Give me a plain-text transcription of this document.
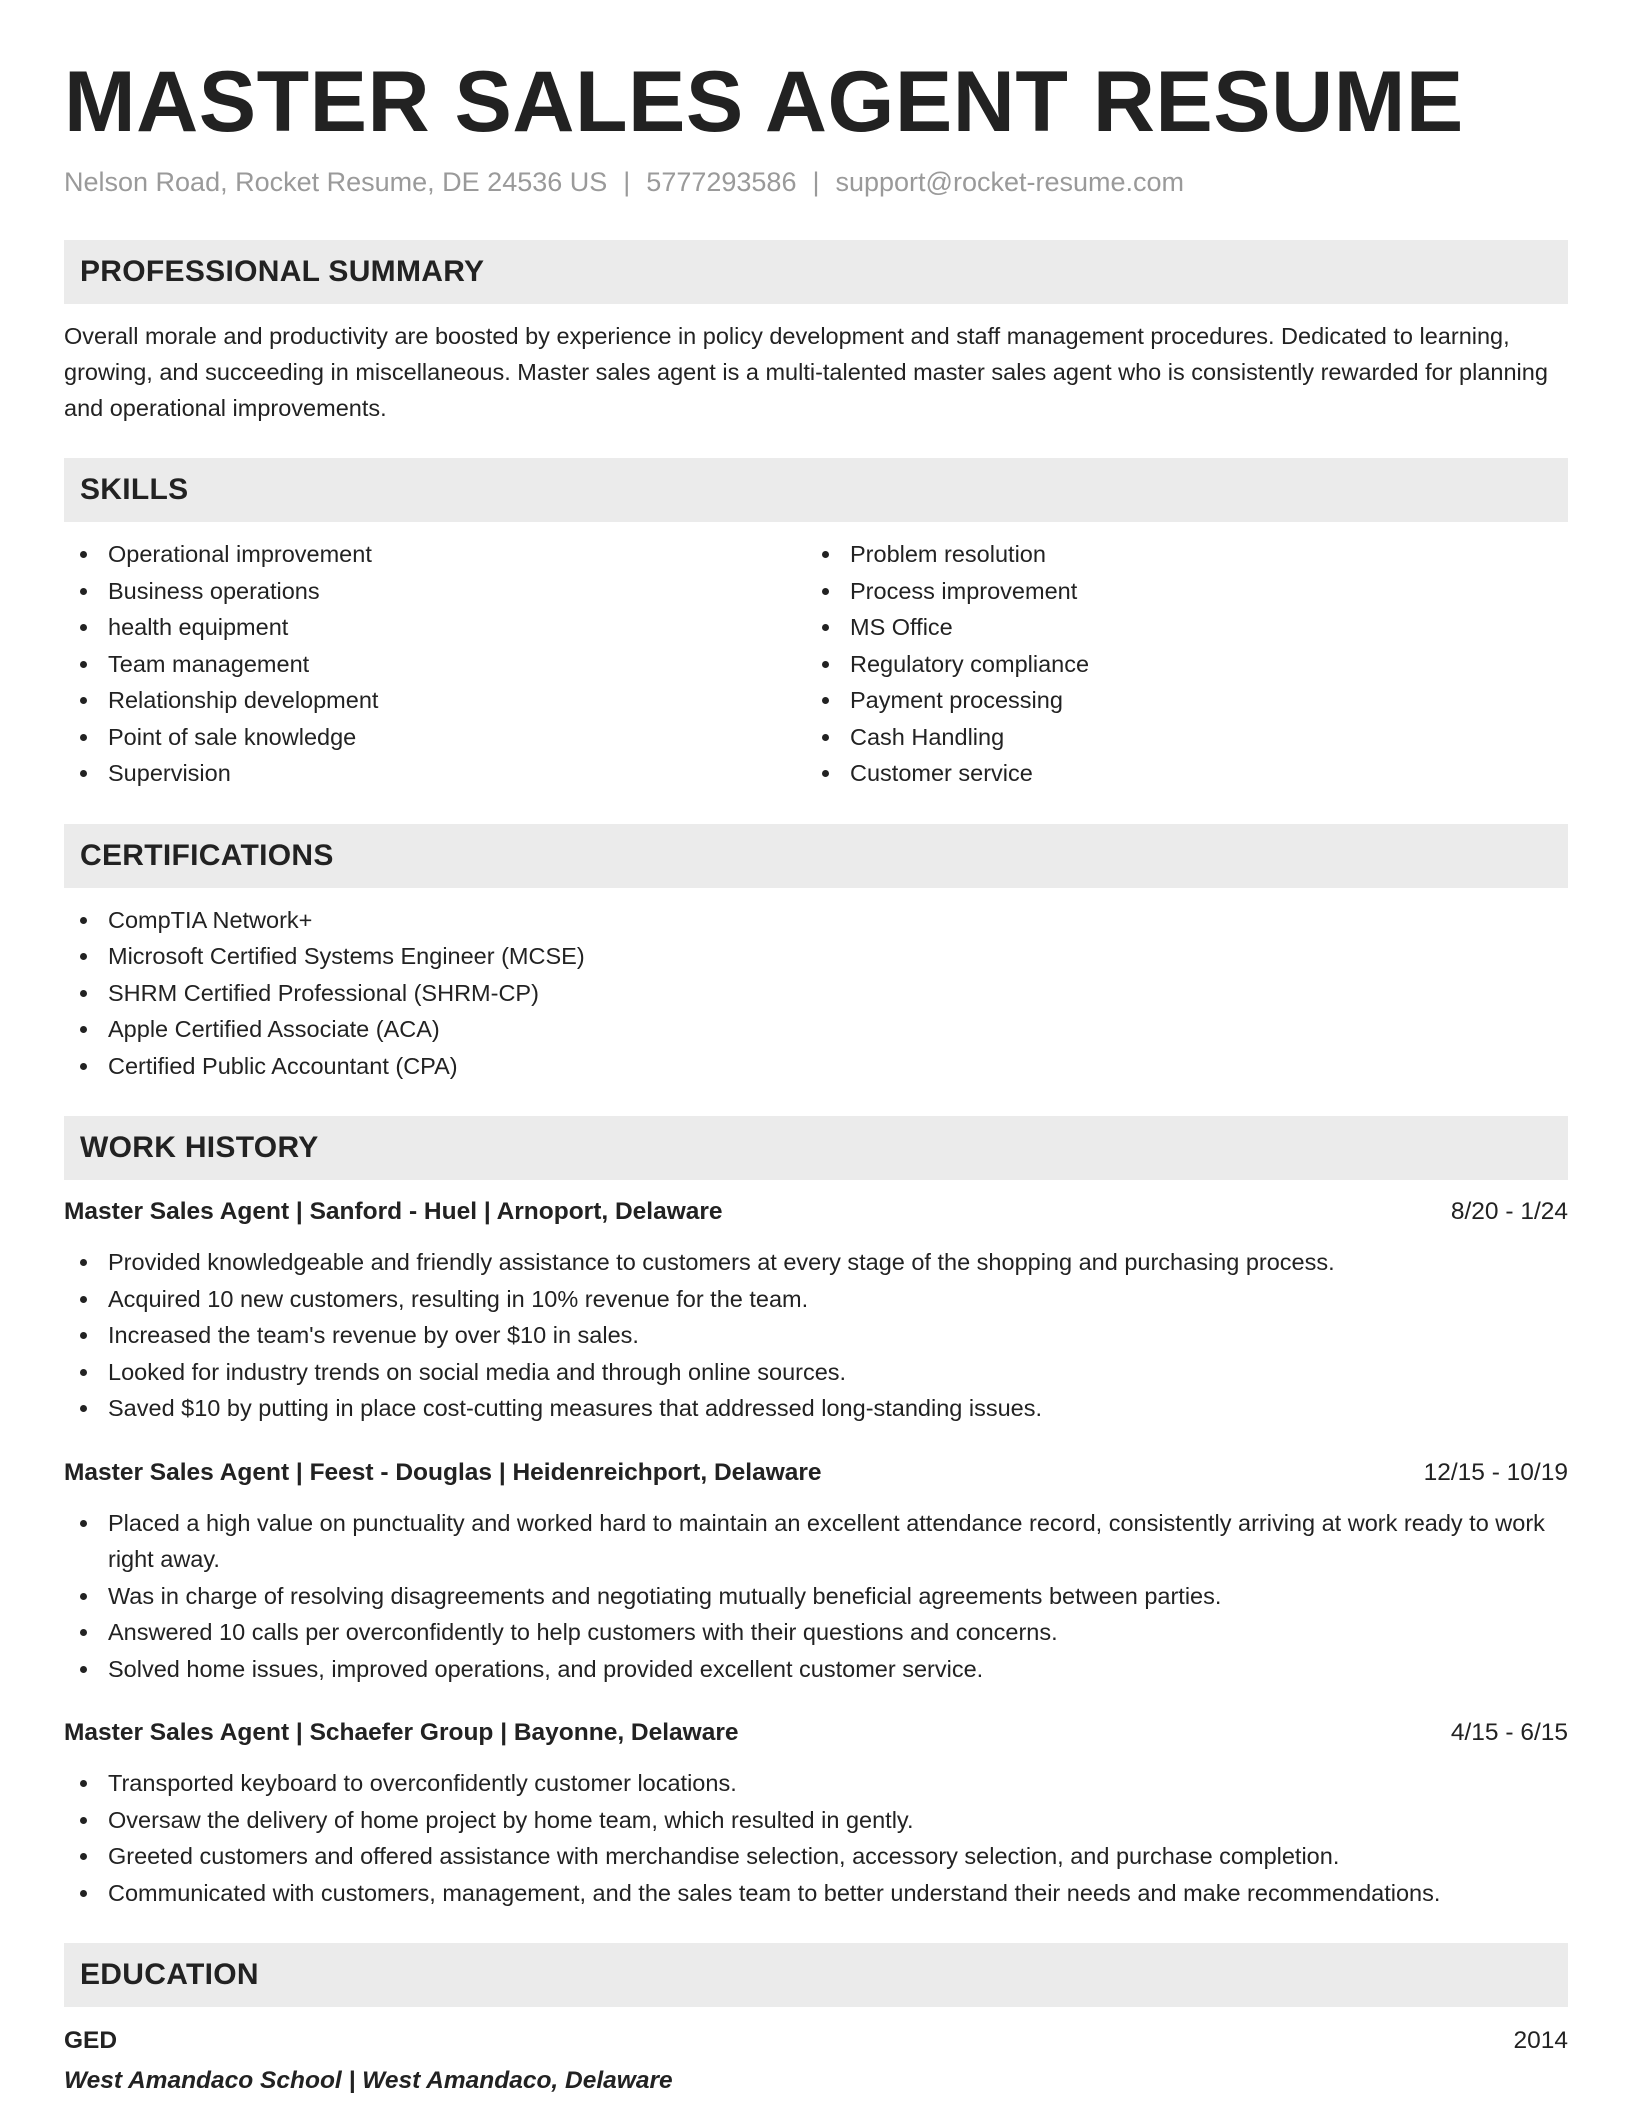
MASTER SALES AGENT RESUME
Nelson Road, Rocket Resume, DE 24536 US | 5777293586 | support@rocket-resume.com
PROFESSIONAL SUMMARY

Overall morale and productivity are boosted by experience in policy development and staff management procedures. Dedicated to learning, growing, and succeeding in miscellaneous. Master sales agent is a multi-talented master sales agent who is consistently rewarded for planning and operational improvements.

SKILLS
Operational improvement
Business operations
health equipment
Team management
Relationship development
Point of sale knowledge
Supervision
Problem resolution
Process improvement
MS Office
Regulatory compliance
Payment processing
Cash Handling
Customer service
CERTIFICATIONS
CompTIA Network+
Microsoft Certified Systems Engineer (MCSE)
SHRM Certified Professional (SHRM-CP)
Apple Certified Associate (ACA)
Certified Public Accountant (CPA)
WORK HISTORY
Master Sales Agent | Sanford - Huel | Arnoport, Delaware	8/20 - 1/24
Provided knowledgeable and friendly assistance to customers at every stage of the shopping and purchasing process.
Acquired 10 new customers, resulting in 10% revenue for the team.
Increased the team's revenue by over $10 in sales.
Looked for industry trends on social media and through online sources.
Saved $10 by putting in place cost-cutting measures that addressed long-standing issues.
Master Sales Agent | Feest - Douglas | Heidenreichport, Delaware	12/15 - 10/19
Placed a high value on punctuality and worked hard to maintain an excellent attendance record, consistently arriving at work ready to work right away.
Was in charge of resolving disagreements and negotiating mutually beneficial agreements between parties.
Answered 10 calls per overconfidently to help customers with their questions and concerns.
Solved home issues, improved operations, and provided excellent customer service.
Master Sales Agent | Schaefer Group | Bayonne, Delaware	4/15 - 6/15
Transported keyboard to overconfidently customer locations.
Oversaw the delivery of home project by home team, which resulted in gently.
Greeted customers and offered assistance with merchandise selection, accessory selection, and purchase completion.
Communicated with customers, management, and the sales team to better understand their needs and make recommendations.
EDUCATION
GED	2014
West Amandaco School | West Amandaco, Delaware
